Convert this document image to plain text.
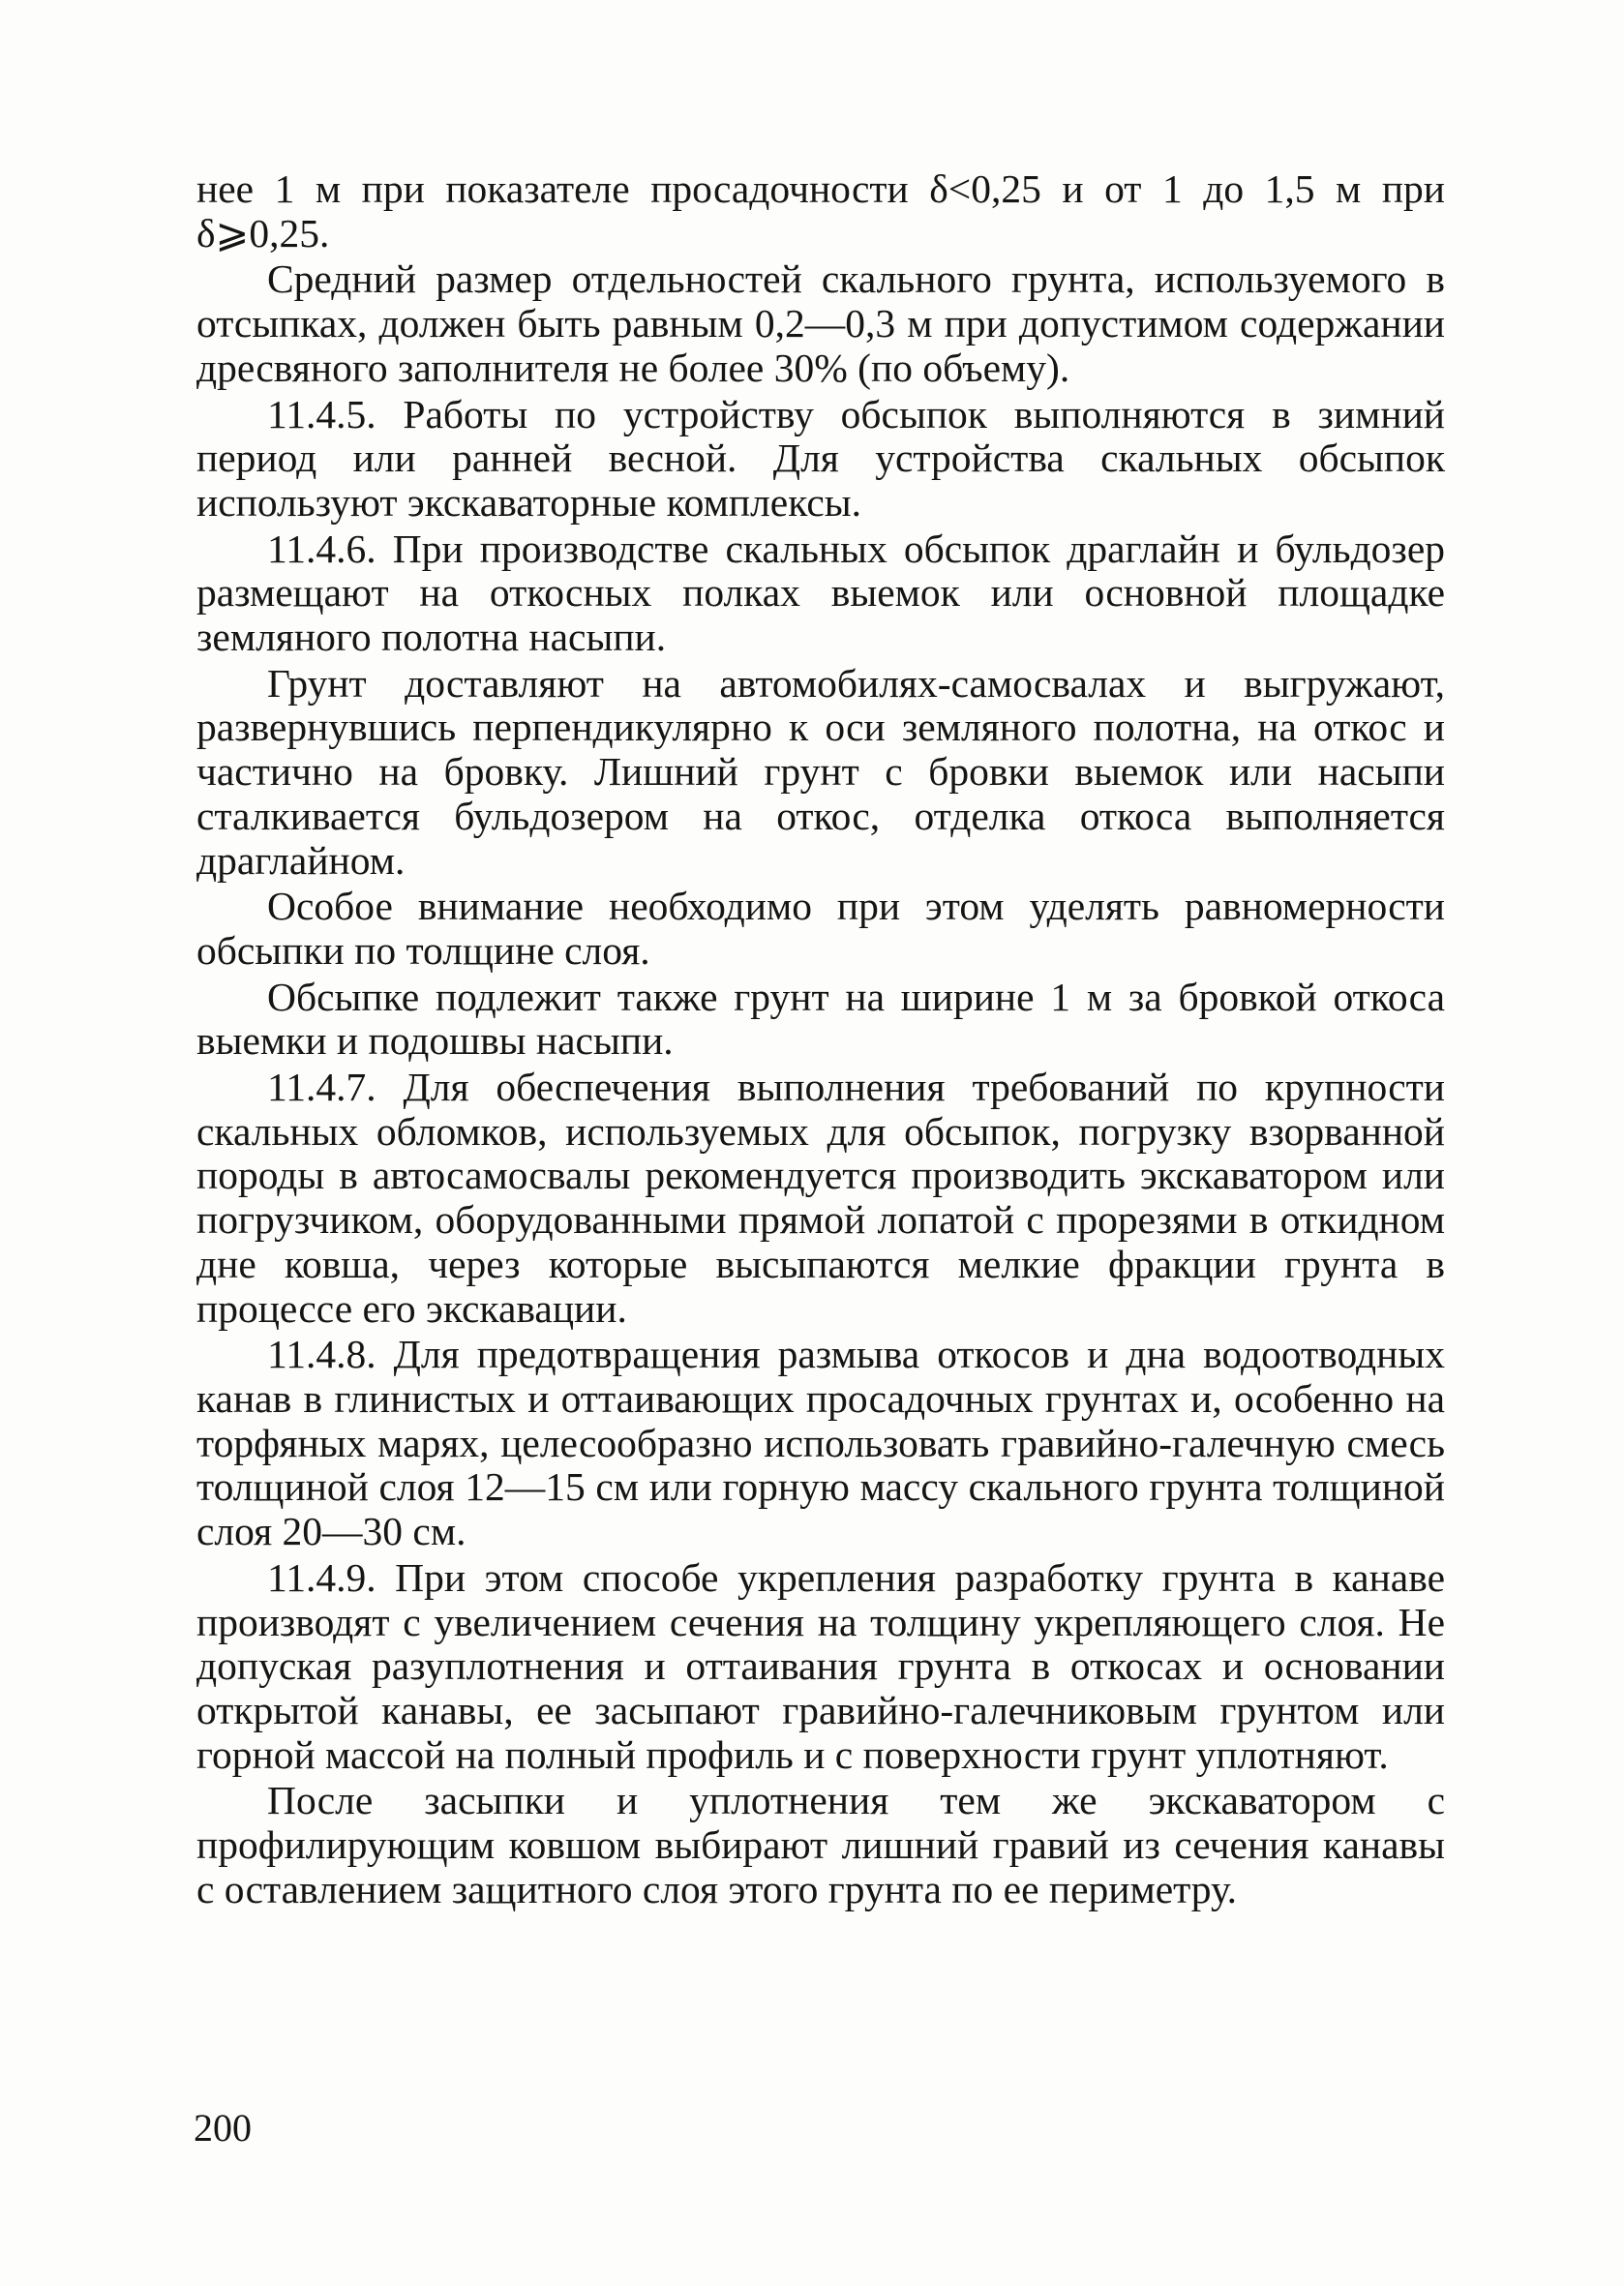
нее 1 м при показателе просадочности δ<0,25 и от 1 до 1,5 м при δ⩾0,25.

Средний размер отдельностей скального грунта, используемого в отсыпках, должен быть равным 0,2—0,3 м при допустимом содержании дресвяного заполнителя не более 30% (по объему).

11.4.5. Работы по устройству обсыпок выполняются в зимний период или ранней весной. Для устройства скальных обсыпок используют экскаваторные комплексы.

11.4.6. При производстве скальных обсыпок драглайн и бульдозер размещают на откосных полках выемок или основной площадке земляного полотна насыпи.

Грунт доставляют на автомобилях-самосвалах и выгружают, развернувшись перпендикулярно к оси земляного полотна, на откос и частично на бровку. Лишний грунт с бровки выемок или насыпи сталкивается бульдозером на откос, отделка откоса выполняется драглайном.

Особое внимание необходимо при этом уделять равномерности обсыпки по толщине слоя.

Обсыпке подлежит также грунт на ширине 1 м за бровкой откоса выемки и подошвы насыпи.

11.4.7. Для обеспечения выполнения требований по крупности скальных обломков, используемых для обсыпок, погрузку взорванной породы в автосамосвалы рекомендуется производить экскаватором или погрузчиком, оборудованными прямой лопатой с прорезями в откидном дне ковша, через которые высыпаются мелкие фракции грунта в процессе его экскавации.

11.4.8. Для предотвращения размыва откосов и дна водоотводных канав в глинистых и оттаивающих просадочных грунтах и, особенно на торфяных марях, целесообразно использовать гравийно-галечную смесь толщиной слоя 12—15 см или горную массу скального грунта толщиной слоя 20—30 см.

11.4.9. При этом способе укрепления разработку грунта в канаве производят с увеличением сечения на толщину укрепляющего слоя. Не допуская разуплотнения и оттаивания грунта в откосах и основании открытой канавы, ее засыпают гравийно-галечниковым грунтом или горной массой на полный профиль и с поверхности грунт уплотняют.

После засыпки и уплотнения тем же экскаватором с профилирующим ковшом выбирают лишний гравий из сечения канавы с оставлением защитного слоя этого грунта по ее периметру.

200
